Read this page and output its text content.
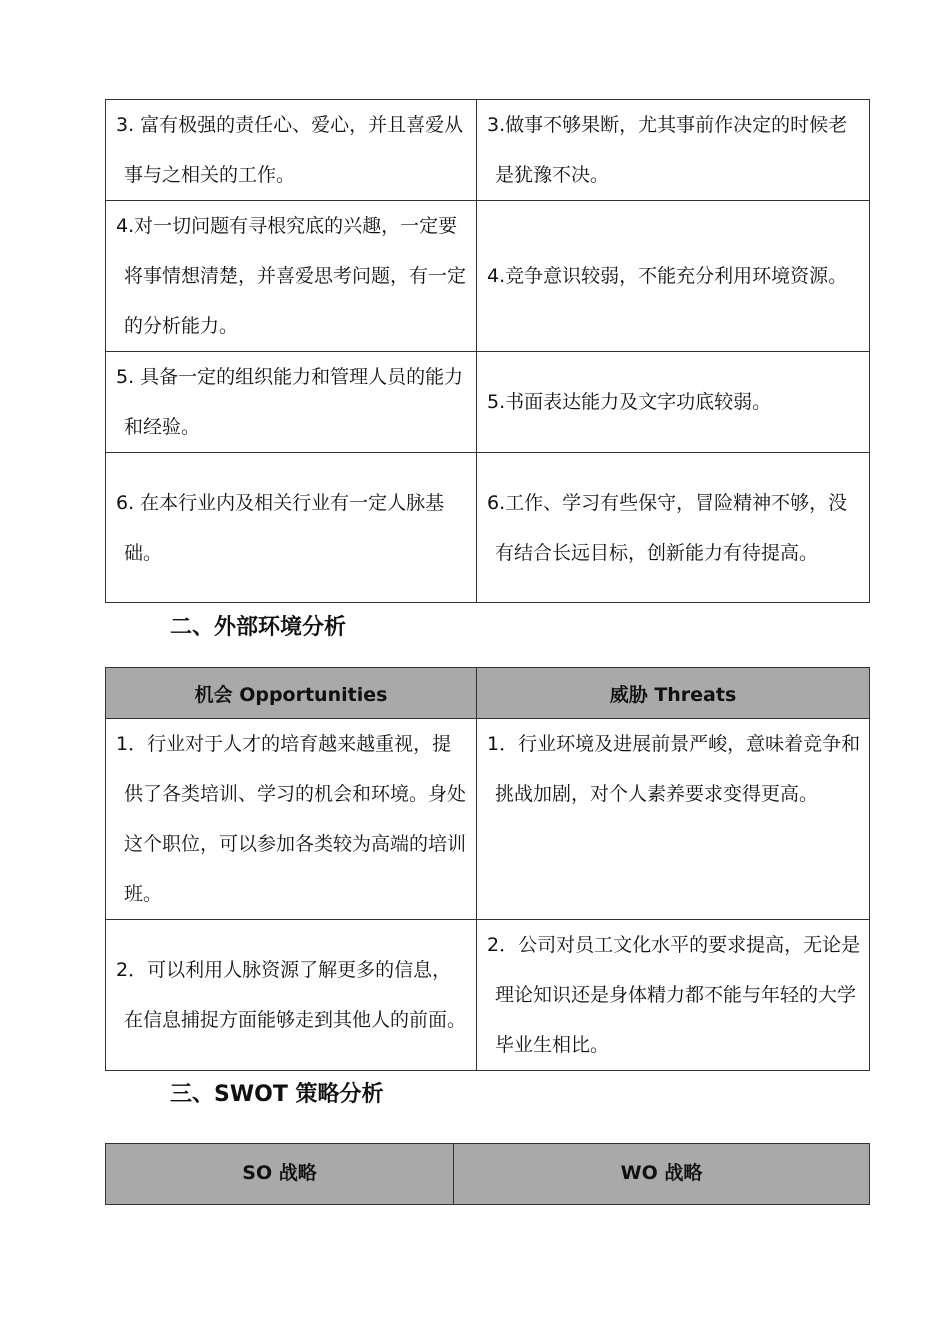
3. 富有极强的责任心、爱心，并且喜爱从事与之相关的工作。	3.做事不够果断，尤其事前作决定的时候老是犹豫不决。

4.对一切问题有寻根究底的兴趣，一定要将事情想清楚，并喜爱思考问题，有一定的分析能力。	4.竞争意识较弱，不能充分利用环境资源。

5. 具备一定的组织能力和管理人员的能力和经验。	5.书面表达能力及文字功底较弱。

6. 在本行业内及相关行业有一定人脉基础。	6.工作、学习有些保守，冒险精神不够，没有结合长远目标，创新能力有待提高。
二、外部环境分析
机会 Opportunities	威胁 Threats

1．行业对于人才的培育越来越重视，提供了各类培训、学习的机会和环境。身处这个职位，可以参加各类较为高端的培训班。	1．行业环境及进展前景严峻，意味着竞争和挑战加剧，对个人素养要求变得更高。

2．可以利用人脉资源了解更多的信息，在信息捕捉方面能够走到其他人的前面。	2．公司对员工文化水平的要求提高，无论是理论知识还是身体精力都不能与年轻的大学毕业生相比。
三、SWOT 策略分析
SO 战略	WO 战略
